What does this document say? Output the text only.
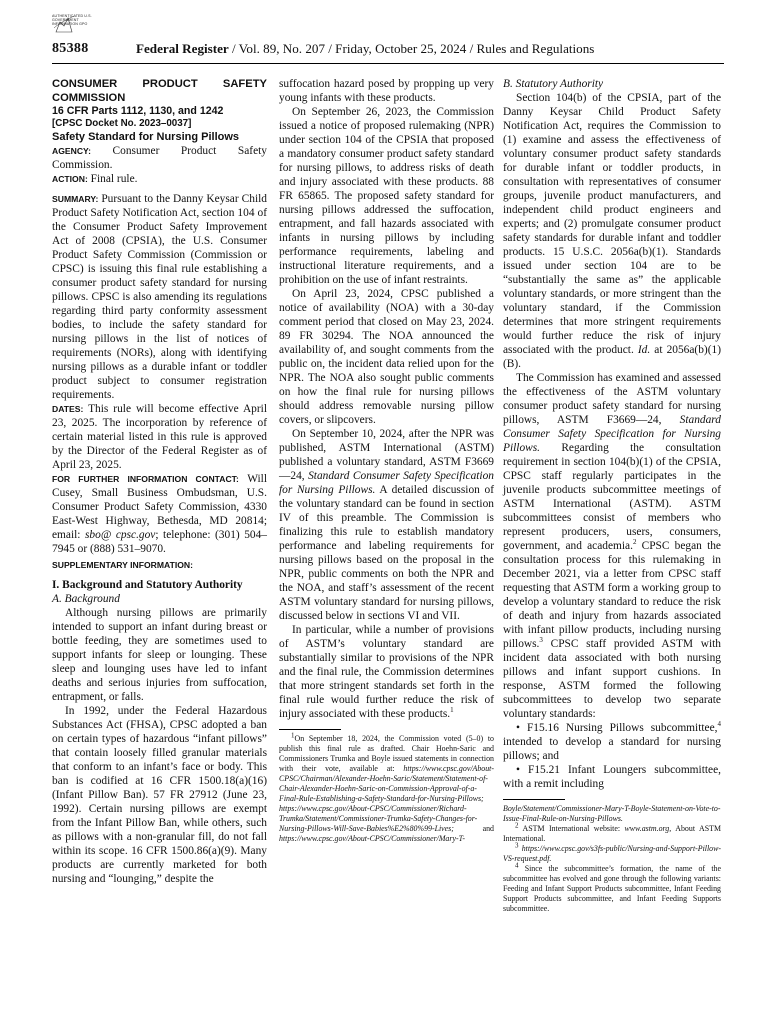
AUTHENTICATED U.S. GOVERNMENT INFORMATION GPO
85388	Federal Register / Vol. 89, No. 207 / Friday, October 25, 2024 / Rules and Regulations

CONSUMER PRODUCT SAFETY COMMISSION

16 CFR Parts 1112, 1130, and 1242

[CPSC Docket No. 2023–0037]

Safety Standard for Nursing Pillows

AGENCY: Consumer Product Safety Commission.

ACTION: Final rule.

SUMMARY: Pursuant to the Danny Keysar Child Product Safety Notification Act, section 104 of the Consumer Product Safety Improvement Act of 2008 (CPSIA), the U.S. Consumer Product Safety Commission (Commission or CPSC) is issuing this final rule establishing a consumer product safety standard for nursing pillows. CPSC is also amending its regulations regarding third party conformity assessment bodies, to include the safety standard for nursing pillows in the list of notices of requirements (NORs), along with identifying nursing pillows as a durable infant or toddler product subject to consumer registration requirements.

DATES: This rule will become effective April 23, 2025. The incorporation by reference of certain material listed in this rule is approved by the Director of the Federal Register as of April 23, 2025.

FOR FURTHER INFORMATION CONTACT: Will Cusey, Small Business Ombudsman, U.S. Consumer Product Safety Commission, 4330 East-West Highway, Bethesda, MD 20814; email: sbo@ cpsc.gov; telephone: (301) 504–7945 or (888) 531–9070.

SUPPLEMENTARY INFORMATION:

I. Background and Statutory Authority

A. Background

Although nursing pillows are primarily intended to support an infant during breast or bottle feeding, they are sometimes used to support infants for sleep or lounging. These sleep and lounging uses have led to infant deaths and serious injuries from suffocation, entrapment, or falls.

In 1992, under the Federal Hazardous Substances Act (FHSA), CPSC adopted a ban on certain types of hazardous “infant pillows” that contain loosely filled granular materials that conform to an infant’s face or body. This ban is codified at 16 CFR 1500.18(a)(16) (Infant Pillow Ban). 57 FR 27912 (June 23, 1992). Certain nursing pillows are exempt from the Infant Pillow Ban, while others, such as pillows with a non-granular fill, do not fall within its scope. 16 CFR 1500.86(a)(9). Many products are currently marketed for both nursing and “lounging,” despite the

suffocation hazard posed by propping up very young infants with these products.

On September 26, 2023, the Commission issued a notice of proposed rulemaking (NPR) under section 104 of the CPSIA that proposed a mandatory consumer product safety standard for nursing pillows, to address risks of death and injury associated with these products. 88 FR 65865. The proposed safety standard for nursing pillows addressed the suffocation, entrapment, and fall hazards associated with infants in nursing pillows by including performance requirements, labeling and instructional literature requirements, and a prohibition on the use of infant restraints.

On April 23, 2024, CPSC published a notice of availability (NOA) with a 30-day comment period that closed on May 23, 2024. 89 FR 30294. The NOA announced the availability of, and sought comments from the public on, the incident data relied upon for the NPR. The NOA also sought public comments on how the final rule for nursing pillows should address removable nursing pillow covers, or slipcovers.

On September 10, 2024, after the NPR was published, ASTM International (ASTM) published a voluntary standard, ASTM F3669—24, Standard Consumer Safety Specification for Nursing Pillows. A detailed discussion of the voluntary standard can be found in section IV of this preamble. The Commission is finalizing this rule to establish mandatory performance and labeling requirements for nursing pillows based on the proposal in the NPR, public comments on both the NPR and the NOA, and staff’s assessment of the recent ASTM voluntary standard for nursing pillows, discussed below in sections VI and VII.

In particular, while a number of provisions of ASTM’s voluntary standard are substantially similar to provisions of the NPR and the final rule, the Commission determines that more stringent standards set forth in the final rule would further reduce the risk of injury associated with these products.$^1$

1On September 18, 2024, the Commission voted (5–0) to publish this final rule as drafted. Chair Hoehn-Saric and Commissioners Trumka and Boyle issued statements in connection with their vote, available at: https://www.cpsc.gov/About-CPSC/Chairman/Alexander-Hoehn-Saric/Statement/Statement-of-Chair-Alexander-Hoehn-Saric-on-Commission-Approval-of-a-Final-Rule-Establishing-a-Safety-Standard-for-Nursing-Pillows; https://www.cpsc.gov/About-CPSC/Commissioner/Richard-Trumka/Statement/Commissioner-Trumka-Safety-Changes-for-Nursing-Pillows-Will-Save-Babies%E2%80%99-Lives; and https://www.cpsc.gov/About-CPSC/Commissioner/Mary-T-

B. Statutory Authority

Section 104(b) of the CPSIA, part of the Danny Keysar Child Product Safety Notification Act, requires the Commission to (1) examine and assess the effectiveness of voluntary consumer product safety standards for durable infant or toddler products, in consultation with representatives of consumer groups, juvenile product manufacturers, and independent child product engineers and experts; and (2) promulgate consumer product safety standards for durable infant and toddler products. 15 U.S.C. 2056a(b)(1). Standards issued under section 104 are to be “substantially the same as” the applicable voluntary standards, or more stringent than the voluntary standard, if the Commission determines that more stringent requirements would further reduce the risk of injury associated with the product. Id. at 2056a(b)(1)(B).

The Commission has examined and assessed the effectiveness of the ASTM voluntary consumer product safety standard for nursing pillows, ASTM F3669—24, Standard Consumer Safety Specification for Nursing Pillows. Regarding the consultation requirement in section 104(b)(1) of the CPSIA, CPSC staff regularly participates in the juvenile products subcommittee meetings of ASTM International (ASTM). ASTM subcommittees consist of members who represent producers, users, consumers, government, and academia.$^2$ CPSC began the consultation process for this rulemaking in December 2021, via a letter from CPSC staff requesting that ASTM form a working group to develop a voluntary standard to reduce the risk of death and injury from hazards associated with infant pillow products, including nursing pillows.$^3$ CPSC staff provided ASTM with incident data associated with both nursing pillows and infant support cushions. In response, ASTM formed the following subcommittees to develop two separate voluntary standards:

• F15.16 Nursing Pillows subcommittee,$^4$ intended to develop a standard for nursing pillows; and

• F15.21 Infant Loungers subcommittee, with a remit including

Boyle/Statement/Commissioner-Mary-T-Boyle-Statement-on-Vote-to-Issue-Final-Rule-on-Nursing-Pillows.

2 ASTM International website: www.astm.org, About ASTM International.

3 https://www.cpsc.gov/s3fs-public/Nursing-and-Support-Pillow-VS-request.pdf.

4 Since the subcommittee’s formation, the name of the subcommittee has evolved and gone through the following variants: Feeding and Infant Support Products subcommittee, Infant Feeding Support Products subcommittee, and Infant Feeding Supports subcommittee.
